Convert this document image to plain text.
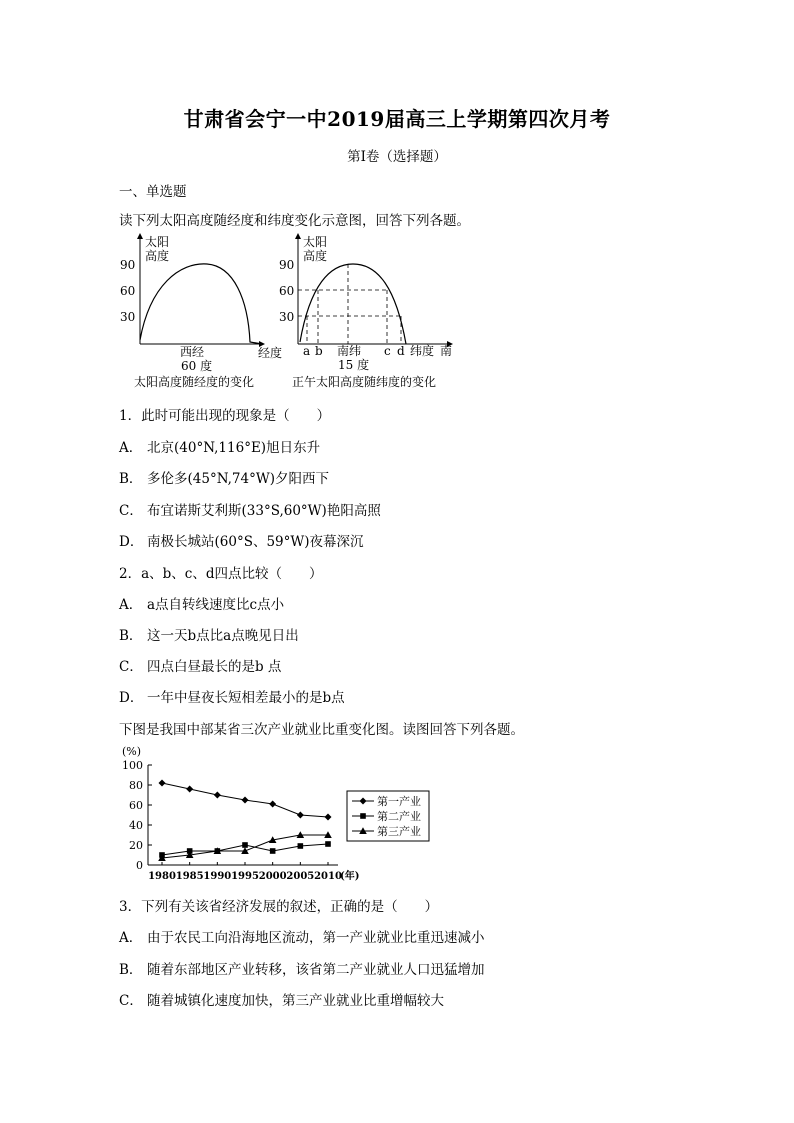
甘肃省会宁一中2019届高三上学期第四次月考
第I卷（选择题）
一、单选题
读下列太阳高度随经度和纬度变化示意图，回答下列各题。
太阳
高度
90
60
30
西经
60 度
经度
太阳高度随经度的变化
太阳
高度
90
60
30
a b 南纬
15 度
c d 纬度 南
正午太阳高度随纬度的变化
1．此时可能出现的现象是（　　）
A． 北京(40°N,116°E)旭日东升
B． 多伦多(45°N,74°W)夕阳西下
C． 布宜诺斯艾利斯(33°S,60°W)艳阳高照
D． 南极长城站(60°S、59°W)夜幕深沉
2．a、b、c、d四点比较（　　）
A． a点自转线速度比c点小
B． 这一天b点比a点晚见日出
C． 四点白昼最长的是b 点
D． 一年中昼夜长短相差最小的是b点
下图是我国中部某省三次产业就业比重变化图。读图回答下列各题。
(%)
100
80
60
40
20
0
1980 1985 1990 1995 2000 2005 2010
(年)
第一产业
第二产业
第三产业
3．下列有关该省经济发展的叙述，正确的是（　　）
A． 由于农民工向沿海地区流动，第一产业就业比重迅速减小
B． 随着东部地区产业转移，该省第二产业就业人口迅猛增加
C． 随着城镇化速度加快，第三产业就业比重增幅较大
